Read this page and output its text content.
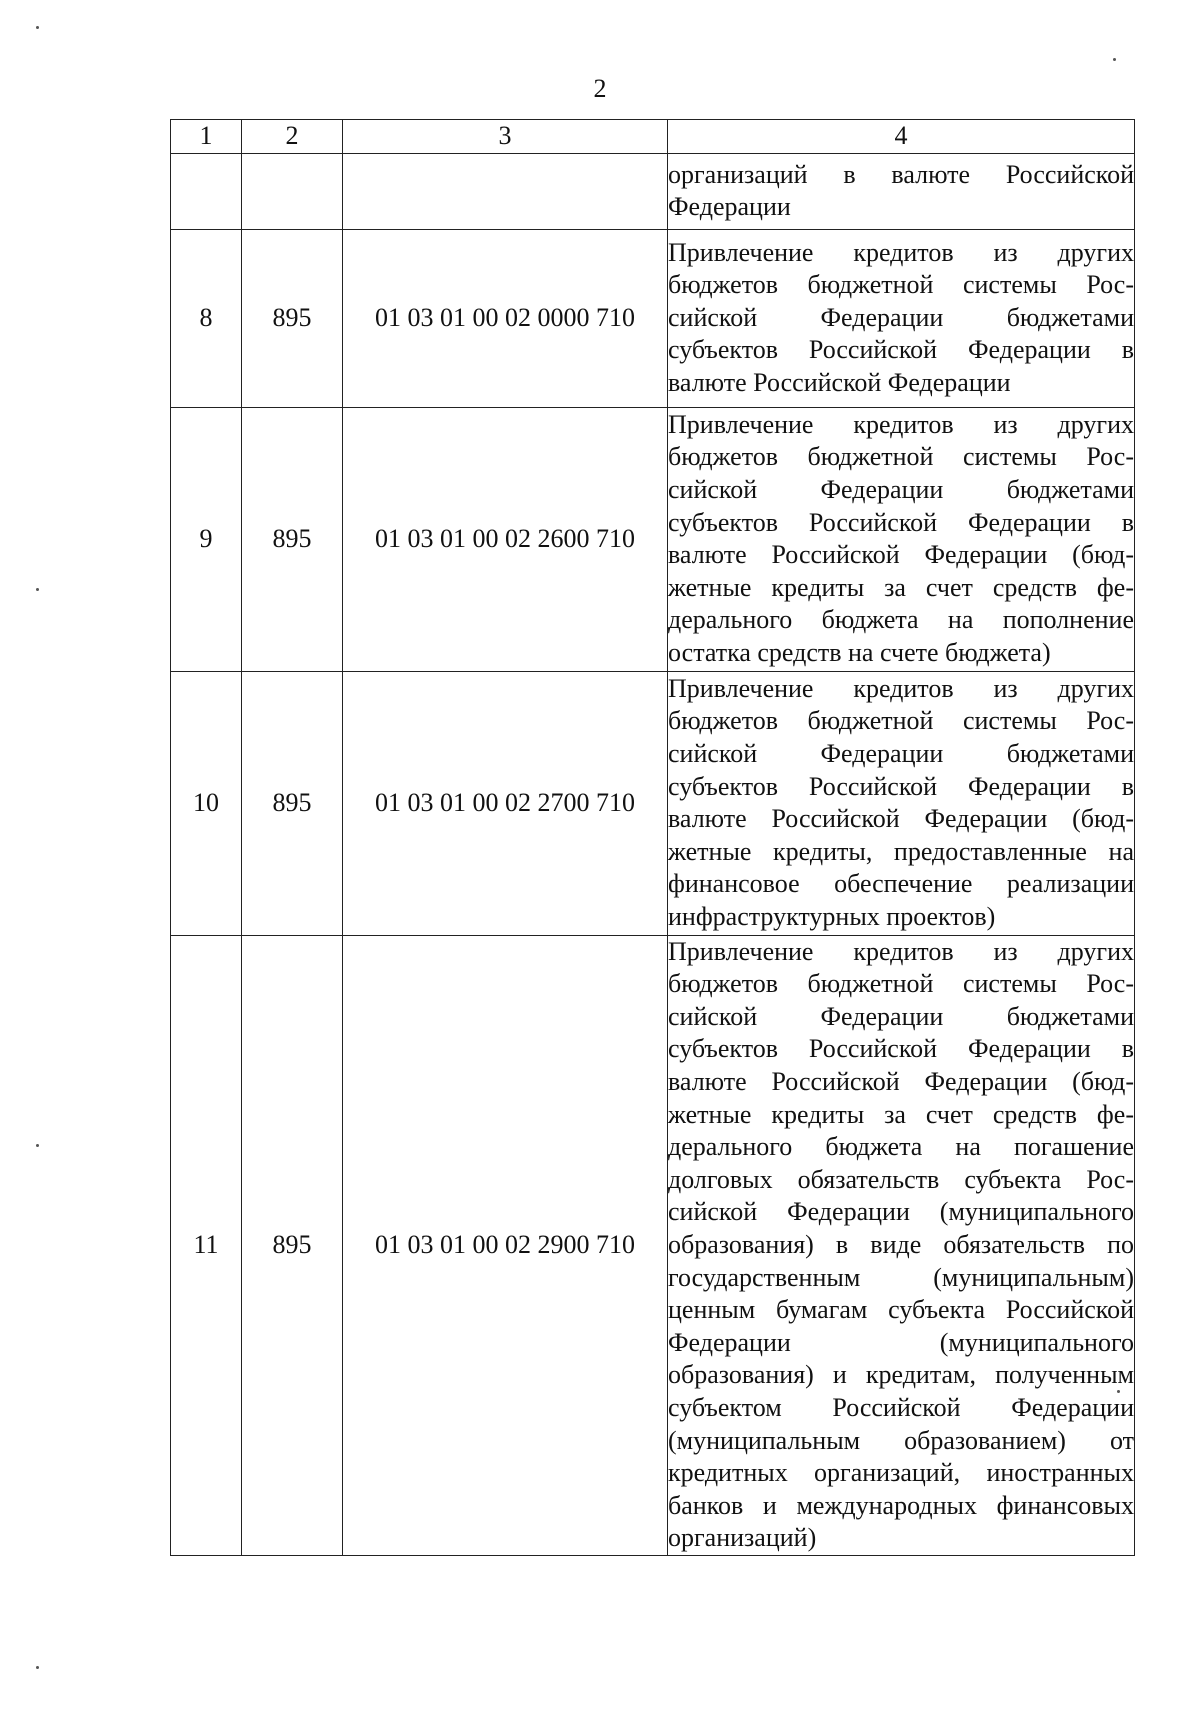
2
1	2	3	4
			организаций в валюте Российской Федерации
8	895	01 03 01 00 02 0000 710	Привлечение кредитов из других бюджетов бюджетной системы Российской Федерации бюджетами субъектов Российской Федерации в валюте Российской Федерации
9	895	01 03 01 00 02 2600 710	Привлечение кредитов из других бюджетов бюджетной системы Российской Федерации бюджетами субъектов Российской Федерации в валюте Российской Федерации (бюджетные кредиты за счет средств федерального бюджета на пополнение остатка средств на счете бюджета)
10	895	01 03 01 00 02 2700 710	Привлечение кредитов из других бюджетов бюджетной системы Российской Федерации бюджетами субъектов Российской Федерации в валюте Российской Федерации (бюджетные кредиты, предоставленные на финансовое обеспечение реализации инфраструктурных проектов)
11	895	01 03 01 00 02 2900 710	Привлечение кредитов из других бюджетов бюджетной системы Российской Федерации бюджетами субъектов Российской Федерации в валюте Российской Федерации (бюджетные кредиты за счет средств федерального бюджета на погашение долговых обязательств субъекта Российской Федерации (муниципального образования) в виде обязательств по государственным (муниципальным) ценным бумагам субъекта Российской Федерации (муниципального образования) и кредитам, полученным субъектом Российской Федерации (муниципальным образованием) от кредитных организаций, иностранных банков и международных финансовых организаций)
